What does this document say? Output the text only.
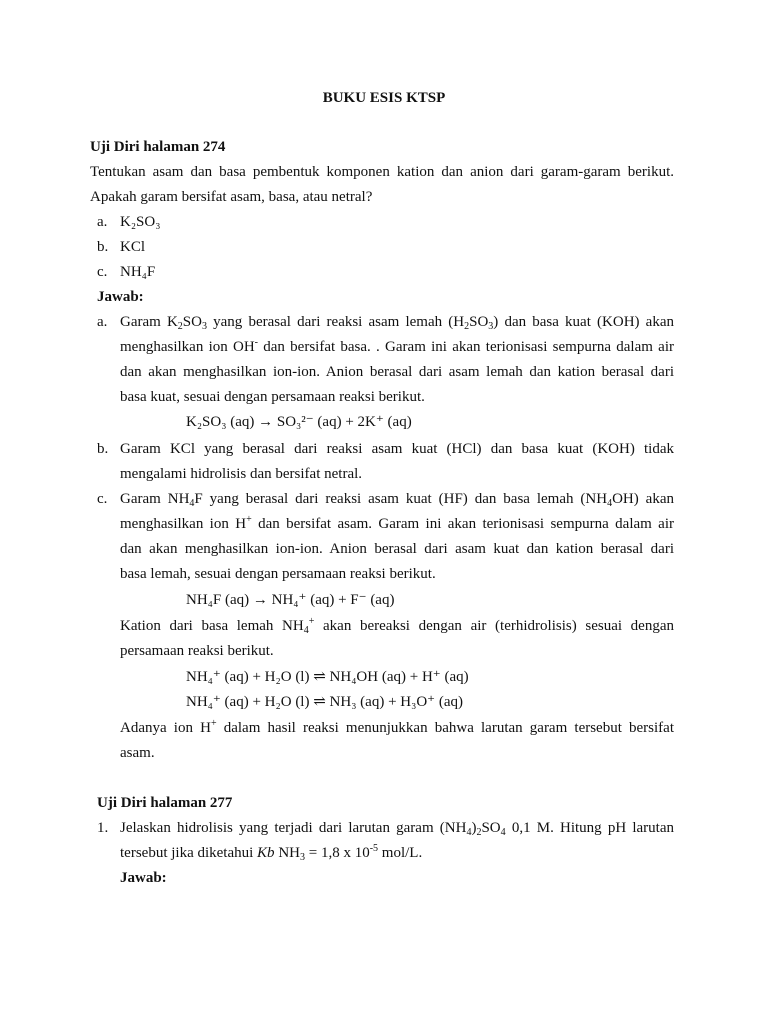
BUKU ESIS KTSP
Uji Diri halaman 274
Tentukan asam dan basa pembentuk komponen kation dan anion dari garam-garam berikut.
Apakah garam bersifat asam, basa, atau netral?
a. K₂SO₃
b. KCl
c. NH₄F
Jawab:
a. Garam $K_2SO_3$ yang berasal dari reaksi asam lemah $(H_2SO_3)$ dan basa kuat (KOH) akan
menghasilkan ion OH- dan bersifat basa. . Garam ini akan terionisasi sempurna dalam air
dan akan menghasilkan ion-ion. Anion berasal dari asam lemah dan kation berasal dari
basa kuat, sesuai dengan persamaan reaksi berikut.
K₂SO₃ (aq) → SO₃²⁻ (aq) + 2K⁺ (aq)
b. Garam KCl yang berasal dari reaksi asam kuat (HCl) dan basa kuat (KOH) tidak
mengalami hidrolisis dan bersifat netral.
c. Garam $NH_4F$ yang berasal dari reaksi asam kuat (HF) dan basa lemah $(NH_4OH)$ akan
menghasilkan ion H+ dan bersifat asam. Garam ini akan terionisasi sempurna dalam air
dan akan menghasilkan ion-ion. Anion berasal dari asam kuat dan kation berasal dari
basa lemah, sesuai dengan persamaan reaksi berikut.
NH₄F (aq) → NH₄⁺ (aq) + F⁻ (aq)
Kation dari basa lemah $NH_4^+$ akan bereaksi dengan air (terhidrolisis) sesuai dengan
persamaan reaksi berikut.
NH₄⁺ (aq) + H₂O (l) ⇌ NH₄OH (aq) + H⁺ (aq)
NH₄⁺ (aq) + H₂O (l) ⇌ NH₃ (aq) + H₃O⁺ (aq)
Adanya ion H+ dalam hasil reaksi menunjukkan bahwa larutan garam tersebut bersifat
asam.
Uji Diri halaman 277
1. Jelaskan hidrolisis yang terjadi dari larutan garam $(NH_4)_2SO_4$ 0,1 M. Hitung pH larutan
tersebut jika diketahui Kb $NH_3 = 1,8$ x $10^{-5}$ mol/L.
Jawab:
